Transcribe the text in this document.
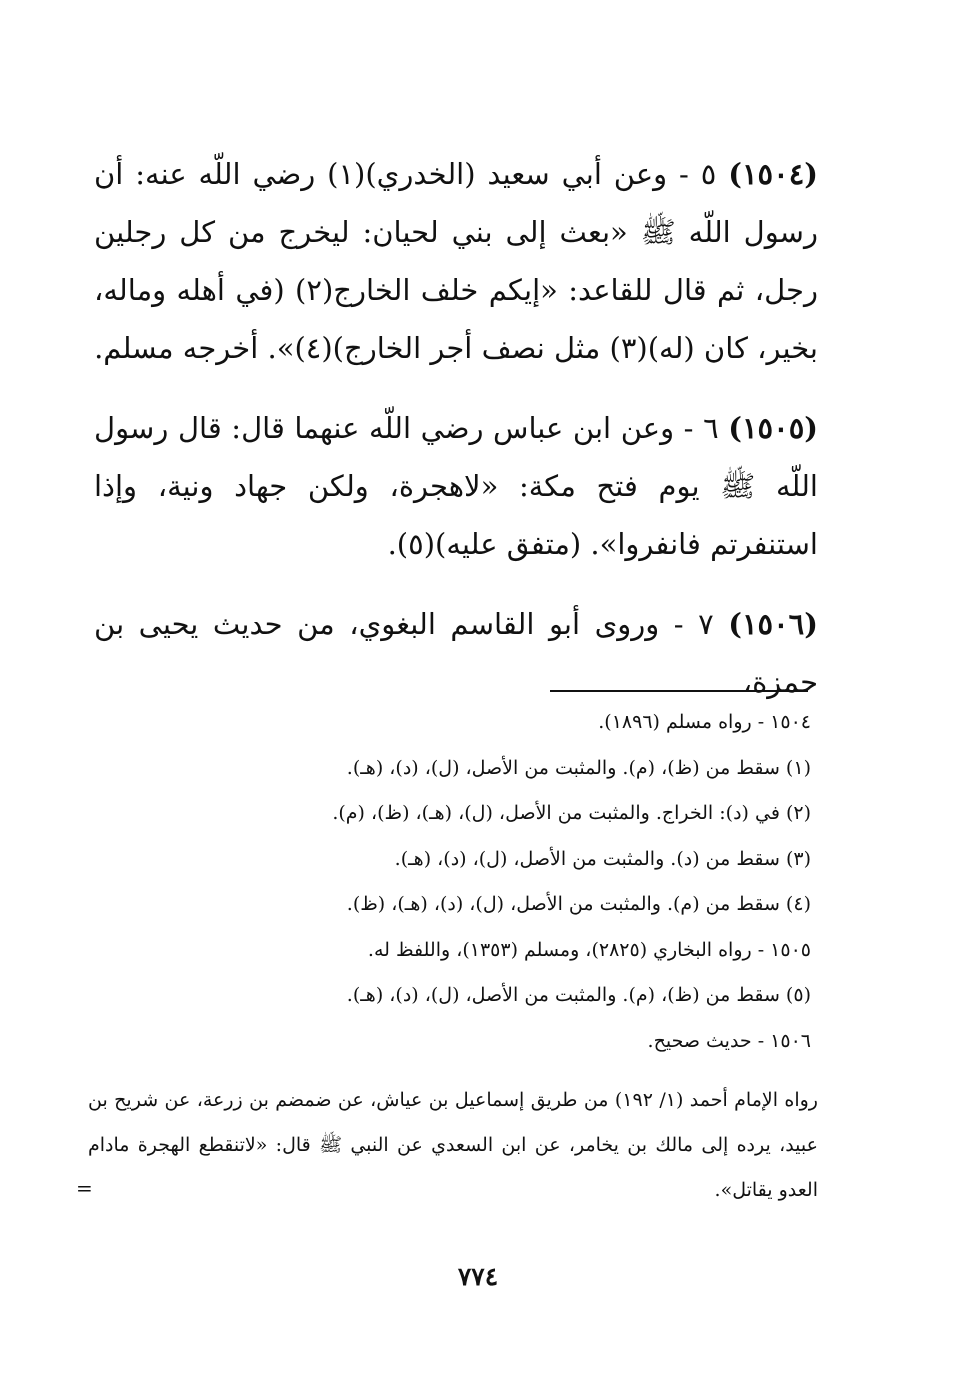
(١٥٠٤) ٥ - وعن أبي سعيد (الخدري)(١) رضي اللّه عنه: أن رسول اللّه ﷺ «بعث إلى بني لحيان: ليخرج من كل رجلين رجل، ثم قال للقاعد: «إيكم خلف الخارج(٢) (في أهله وماله، بخير، كان (له)(٣) مثل نصف أجر الخارج)(٤)». أخرجه مسلم.

(١٥٠٥) ٦ - وعن ابن عباس رضي اللّه عنهما قال: قال رسول اللّه ﷺ يوم فتح مكة: «لاهجرة، ولكن جهاد ونية، وإذا استنفرتم فانفروا». (متفق عليه)(٥).

(١٥٠٦) ٧ - وروى أبو القاسم البغوي، من حديث يحيى بن حمزة،

١٥٠٤ - رواه مسلم (١٨٩٦).

(١) سقط من (ظ)، (م). والمثبت من الأصل، (ل)، (د)، (هـ).

(٢) في (د): الخراج. والمثبت من الأصل، (ل)، (هـ)، (ظ)، (م).

(٣) سقط من (د). والمثبت من الأصل، (ل)، (د)، (هـ).

(٤) سقط من (م). والمثبت من الأصل، (ل)، (د)، (هـ)، (ظ).

١٥٠٥ - رواه البخاري (٢٨٢٥)، ومسلم (١٣٥٣)، واللفظ له.

(٥) سقط من (ظ)، (م). والمثبت من الأصل، (ل)، (د)، (هـ).

١٥٠٦ - حديث صحيح.

رواه الإمام أحمد (١/ ١٩٢) من طريق إسماعيل بن عياش، عن ضمضم بن زرعة، عن شريح بن عبيد، يرده إلى مالك بن يخامر، عن ابن السعدي عن النبي ﷺ قال: «لاتنقطع الهجرة مادام العدو يقاتل».

=
٧٧٤
